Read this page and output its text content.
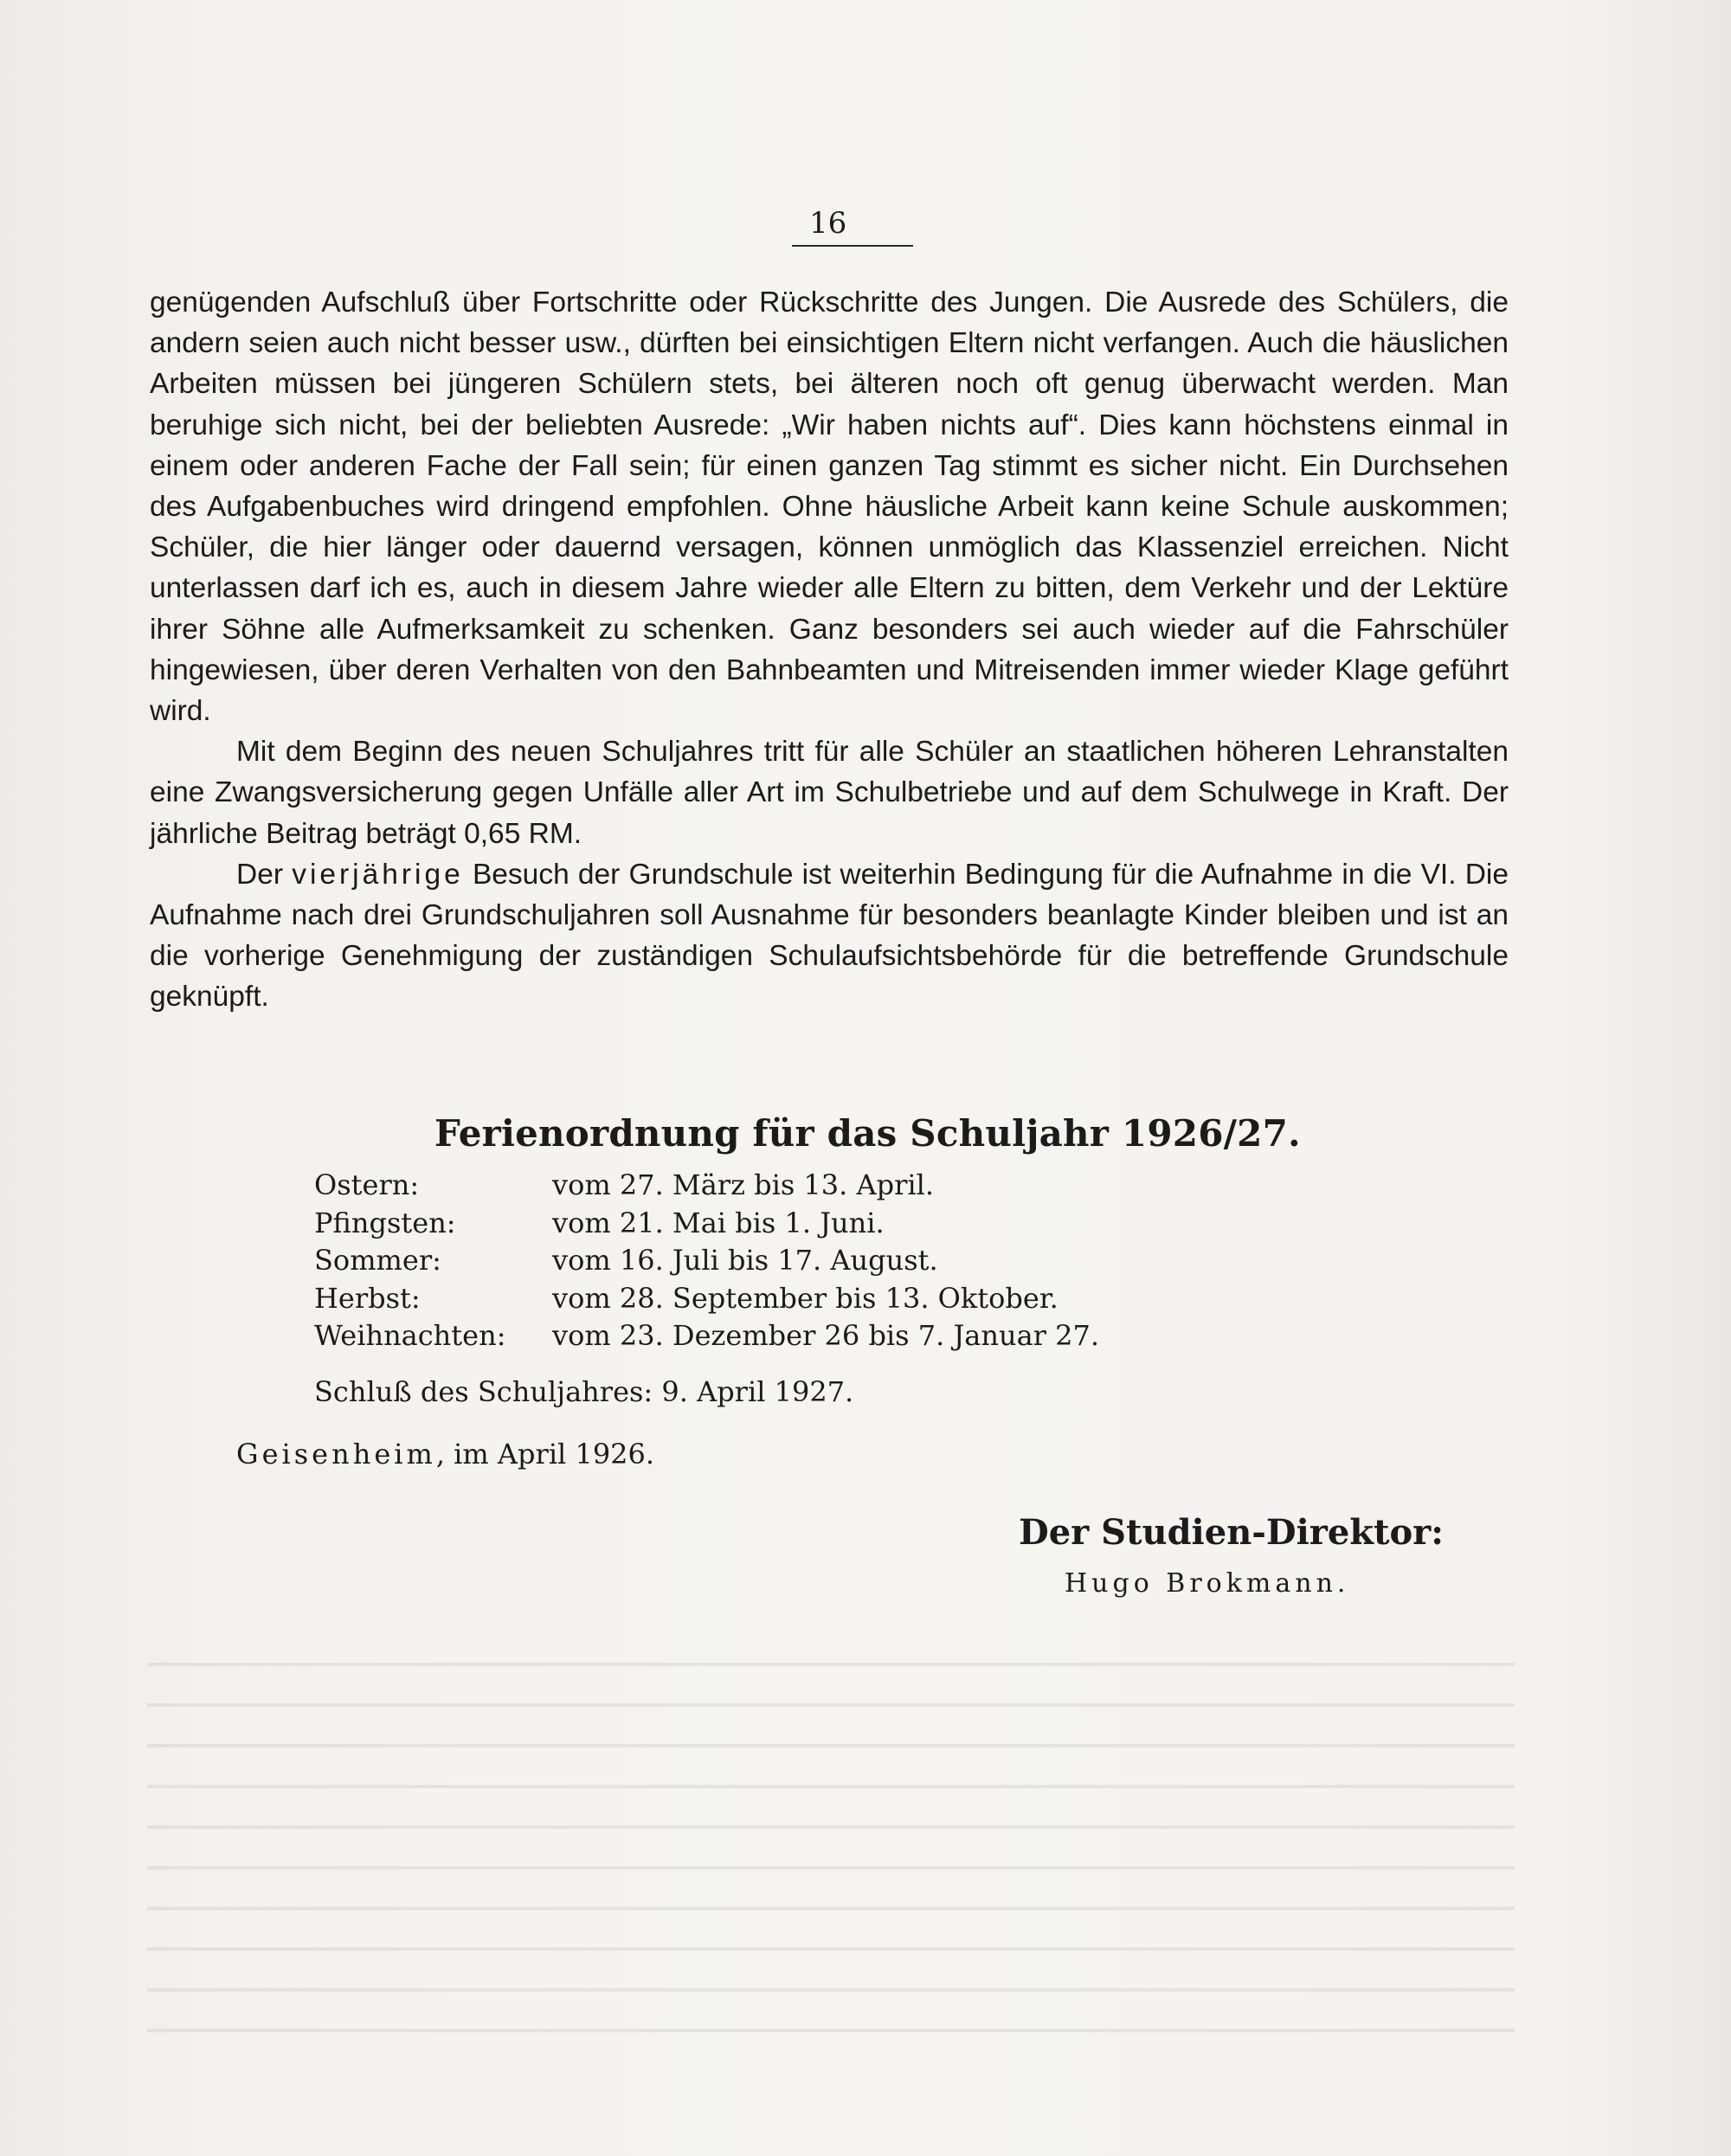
16

genügenden Aufschluß über Fortschritte oder Rückschritte des Jungen. Die Ausrede des Schülers, die andern seien auch nicht besser usw., dürften bei einsichtigen Eltern nicht verfangen. Auch die häuslichen Arbeiten müssen bei jüngeren Schülern stets, bei älteren noch oft genug überwacht werden. Man beruhige sich nicht, bei der beliebten Ausrede: „Wir haben nichts auf“. Dies kann höchstens einmal in einem oder anderen Fache der Fall sein; für einen ganzen Tag stimmt es sicher nicht. Ein Durchsehen des Aufgabenbuches wird dringend empfohlen. Ohne häusliche Arbeit kann keine Schule auskommen; Schüler, die hier länger oder dauernd versagen, können unmöglich das Klassenziel erreichen. Nicht unterlassen darf ich es, auch in diesem Jahre wieder alle Eltern zu bitten, dem Verkehr und der Lektüre ihrer Söhne alle Aufmerksamkeit zu schenken. Ganz besonders sei auch wieder auf die Fahrschüler hingewiesen, über deren Verhalten von den Bahnbeamten und Mitreisenden immer wieder Klage geführt wird.

Mit dem Beginn des neuen Schuljahres tritt für alle Schüler an staatlichen höheren Lehranstalten eine Zwangsversicherung gegen Unfälle aller Art im Schulbetriebe und auf dem Schulwege in Kraft. Der jährliche Beitrag beträgt 0,65 RM.

Der vierjährige Besuch der Grundschule ist weiterhin Bedingung für die Aufnahme in die VI. Die Aufnahme nach drei Grundschuljahren soll Ausnahme für besonders beanlagte Kinder bleiben und ist an die vorherige Genehmigung der zuständigen Schulaufsichtsbehörde für die betreffende Grundschule geknüpft.

Ferienordnung für das Schuljahr 1926/27.
Ostern:	vom 27. März bis 13. April.
Pfingsten:	vom 21. Mai bis 1. Juni.
Sommer:	vom 16. Juli bis 17. August.
Herbst:	vom 28. September bis 13. Oktober.
Weihnachten:	vom 23. Dezember 26 bis 7. Januar 27.
Schluß des Schuljahres: 9. April 1927.
Geisenheim, im April 1926.
Der Studien-Direktor:
Hugo Brokmann.
